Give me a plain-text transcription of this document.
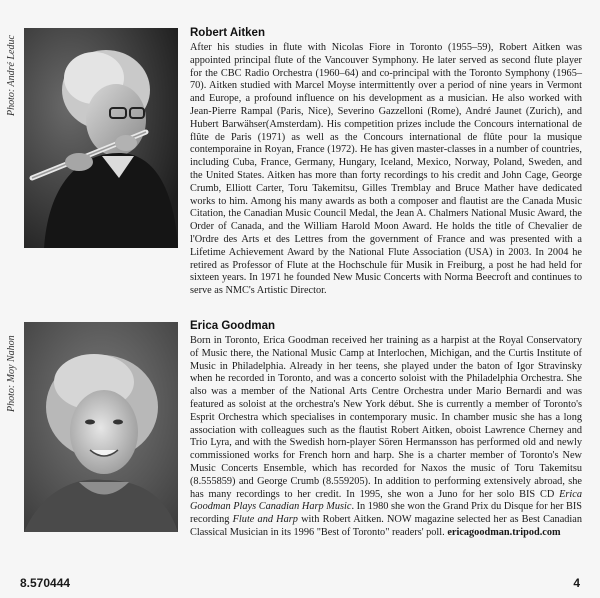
Photo: André Leduc

Robert Aitken

After his studies in flute with Nicolas Fiore in Toronto (1955–59), Robert Aitken was appointed principal flute of the Vancouver Symphony. He later served as second flute player for the CBC Radio Orchestra (1960–64) and co-principal with the Toronto Symphony (1965–70). Aitken studied with Marcel Moyse intermittently over a period of nine years in Vermont and Europe, a profound influence on his development as a musician. He also worked with Jean-Pierre Rampal (Paris, Nice), Severino Gazzelloni (Rome), André Jaunet (Zurich), and Hubert Barwähser(Amsterdam). His competition prizes include the Concours international de flûte de Paris (1971) as well as the Concours international de flûte pour la musique contemporaine in Royan, France (1972). He has given master-classes in a number of countries, including Cuba, France, Germany, Hungary, Iceland, Mexico, Norway, Poland, Sweden, and the United States. Aitken has more than forty recordings to his credit and John Cage, George Crumb, Elliott Carter, Toru Takemitsu, Gilles Tremblay and Bruce Mather have dedicated works to him. Among his many awards as both a composer and flautist are the Canada Music Citation, the Canadian Music Council Medal, the Jean A. Chalmers National Music Award, the Order of Canada, and the William Harold Moon Award. He holds the title of Chevalier de l'Ordre des Arts et des Lettres from the government of France and was presented with a Lifetime Achievement Award by the National Flute Association (USA) in 2003. In 2004 he retired as Professor of Flute at the Hochschule für Musik in Freiburg, a post he had held for sixteen years. In 1971 he founded New Music Concerts with Norma Beecroft and continues to serve as NMC's Artistic Director.

Photo: Moy Nahon

Erica Goodman

Born in Toronto, Erica Goodman received her training as a harpist at the Royal Conservatory of Music there, the National Music Camp at Interlochen, Michigan, and the Curtis Institute of Music in Philadelphia. Already in her teens, she played under the baton of Igor Stravinsky when he recorded in Toronto, and was a concerto soloist with the Philadelphia Orchestra. She also was a member of the National Arts Centre Orchestra under Mario Bernardi and was featured as soloist at the orchestra's New York début. She is currently a member of Toronto's Esprit Orchestra which specialises in contemporary music. In chamber music she has a long association with colleagues such as the flautist Robert Aitken, oboist Lawrence Cherney and Trio Lyra, and with the Swedish horn-player Sören Hermansson has performed old and newly commissioned works for French horn and harp. She is a charter member of Toronto's New Music Concerts Ensemble, which has recorded for Naxos the music of Toru Takemitsu (8.555859) and George Crumb (8.559205). In addition to performing extensively abroad, she has many recordings to her credit. In 1995, she won a Juno for her solo BIS CD Erica Goodman Plays Canadian Harp Music. In 1980 she won the Grand Prix du Disque for her BIS recording Flute and Harp with Robert Aitken. NOW magazine selected her as Best Canadian Classical Musician in its 1996 "Best of Toronto" readers' poll. ericagoodman.tripod.com

8.570444	4
